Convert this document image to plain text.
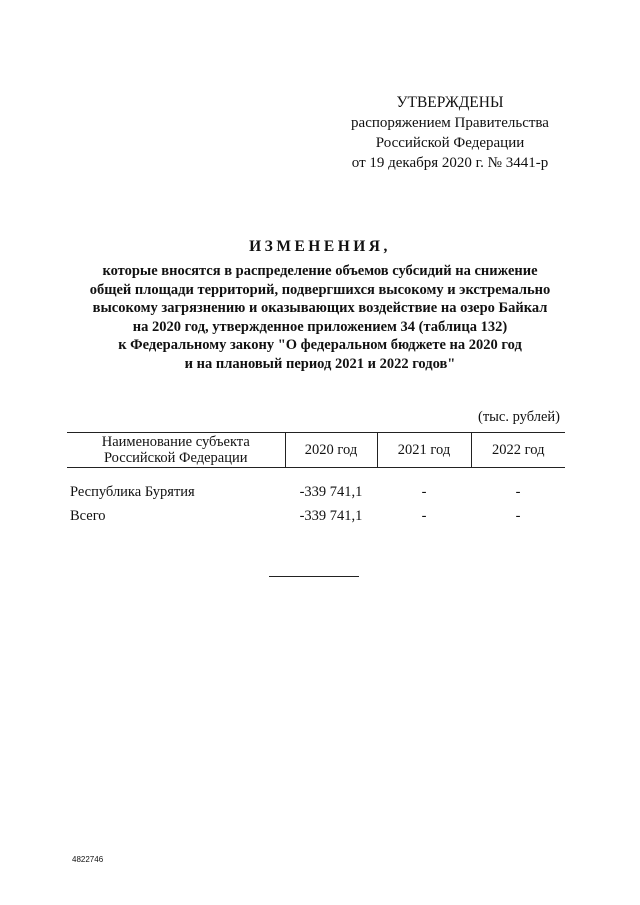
УТВЕРЖДЕНЫ
распоряжением Правительства
Российской Федерации
от 19 декабря 2020 г. № 3441-р
ИЗМЕНЕНИЯ,
которые вносятся в распределение объемов субсидий на снижение
общей площади территорий, подвергшихся высокому и экстремально
высокому загрязнению и оказывающих воздействие на озеро Байкал
на 2020 год, утвержденное приложением 34 (таблица 132)
к Федеральному закону "О федеральном бюджете на 2020 год
и на плановый период 2021 и 2022 годов"
(тыс. рублей)
Наименование субъекта
Российской Федерации	2020 год	2021 год	2022 год
Республика Бурятия	-339 741,1	-	-
Всего	-339 741,1	-	-
4822746
